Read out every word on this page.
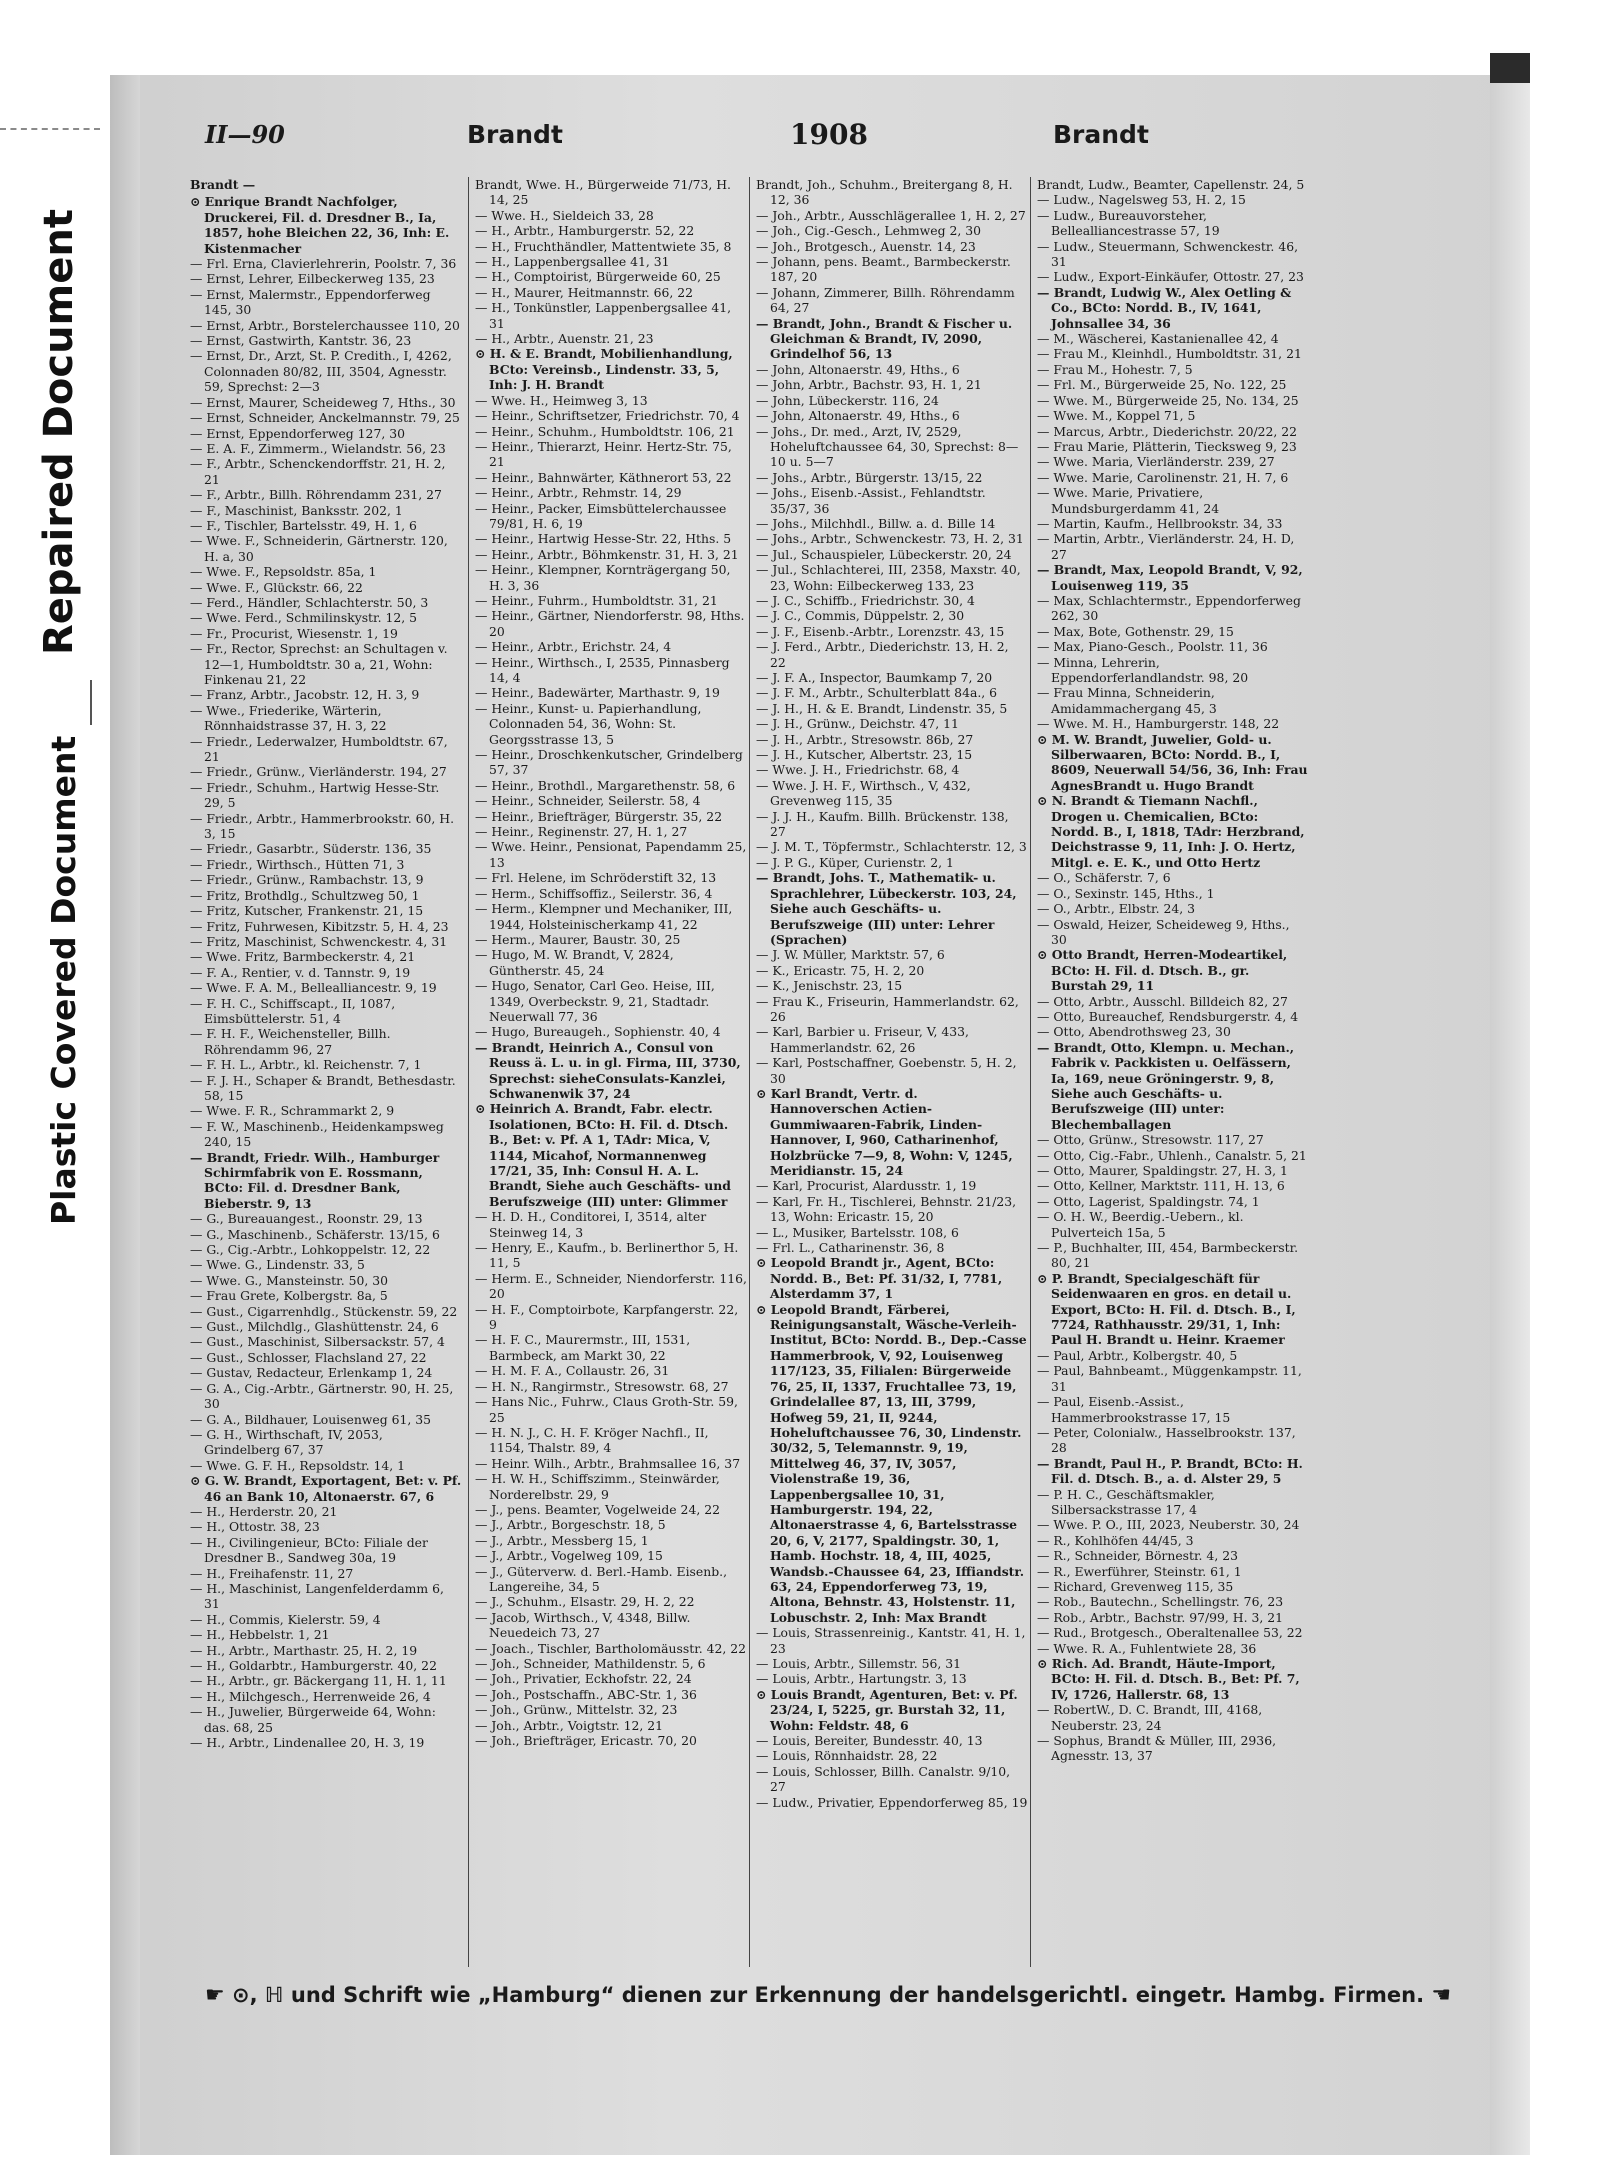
Repaired Document
Plastic Covered Document
II—90	Brandt	1908	Brandt

Brandt —

⊙ Enrique Brandt Nachfolger, Druckerei, Fil. d. Dresdner B., Ia, 1857, hohe Bleichen 22, 36, Inh: E. Kistenmacher

— Frl. Erna, Clavierlehrerin, Poolstr. 7, 36

— Ernst, Lehrer, Eilbeckerweg 135, 23

— Ernst, Malermstr., Eppendorferweg 145, 30

— Ernst, Arbtr., Borstelerchaussee 110, 20

— Ernst, Gastwirth, Kantstr. 36, 23

— Ernst, Dr., Arzt, St. P. Credith., I, 4262, Colonnaden 80/82, III, 3504, Agnesstr. 59, Sprechst: 2—3

— Ernst, Maurer, Scheideweg 7, Hths., 30

— Ernst, Schneider, Anckelmannstr. 79, 25

— Ernst, Eppendorferweg 127, 30

— E. A. F., Zimmerm., Wielandstr. 56, 23

— F., Arbtr., Schenckendorffstr. 21, H. 2, 21

— F., Arbtr., Billh. Röhrendamm 231, 27

— F., Maschinist, Banksstr. 202, 1

— F., Tischler, Bartelsstr. 49, H. 1, 6

— Wwe. F., Schneiderin, Gärtnerstr. 120, H. a, 30

— Wwe. F., Repsoldstr. 85a, 1

— Wwe. F., Glückstr. 66, 22

— Ferd., Händler, Schlachterstr. 50, 3

— Wwe. Ferd., Schmilinskystr. 12, 5

— Fr., Procurist, Wiesenstr. 1, 19

— Fr., Rector, Sprechst: an Schultagen v. 12—1, Humboldtstr. 30 a, 21, Wohn: Finkenau 21, 22

— Franz, Arbtr., Jacobstr. 12, H. 3, 9

— Wwe., Friederike, Wärterin, Rönnhaidstrasse 37, H. 3, 22

— Friedr., Lederwalzer, Humboldtstr. 67, 21

— Friedr., Grünw., Vierländerstr. 194, 27

— Friedr., Schuhm., Hartwig Hesse-Str. 29, 5

— Friedr., Arbtr., Hammerbrookstr. 60, H. 3, 15

— Friedr., Gasarbtr., Süderstr. 136, 35

— Friedr., Wirthsch., Hütten 71, 3

— Friedr., Grünw., Rambachstr. 13, 9

— Fritz, Brothdlg., Schultzweg 50, 1

— Fritz, Kutscher, Frankenstr. 21, 15

— Fritz, Fuhrwesen, Kibitzstr. 5, H. 4, 23

— Fritz, Maschinist, Schwenckestr. 4, 31

— Wwe. Fritz, Barmbeckerstr. 4, 21

— F. A., Rentier, v. d. Tannstr. 9, 19

— Wwe. F. A. M., Bellealliancestr. 9, 19

— F. H. C., Schiffscapt., II, 1087, Eimsbüttelerstr. 51, 4

— F. H. F., Weichensteller, Billh. Röhrendamm 96, 27

— F. H. L., Arbtr., kl. Reichenstr. 7, 1

— F. J. H., Schaper & Brandt, Bethesdastr. 58, 15

— Wwe. F. R., Schrammarkt 2, 9

— F. W., Maschinenb., Heidenkampsweg 240, 15

— Brandt, Friedr. Wilh., Hamburger Schirmfabrik von E. Rossmann, BCto: Fil. d. Dresdner Bank, Bieberstr. 9, 13

— G., Bureauangest., Roonstr. 29, 13

— G., Maschinenb., Schäferstr. 13/15, 6

— G., Cig.-Arbtr., Lohkoppelstr. 12, 22

— Wwe. G., Lindenstr. 33, 5

— Wwe. G., Mansteinstr. 50, 30

— Frau Grete, Kolbergstr. 8a, 5

— Gust., Cigarrenhdlg., Stückenstr. 59, 22

— Gust., Milchdlg., Glashüttenstr. 24, 6

— Gust., Maschinist, Silbersackstr. 57, 4

— Gust., Schlosser, Flachsland 27, 22

— Gustav, Redacteur, Erlenkamp 1, 24

— G. A., Cig.-Arbtr., Gärtnerstr. 90, H. 25, 30

— G. A., Bildhauer, Louisenweg 61, 35

— G. H., Wirthschaft, IV, 2053, Grindelberg 67, 37

— Wwe. G. F. H., Repsoldstr. 14, 1

⊙ G. W. Brandt, Exportagent, Bet: v. Pf. 46 an Bank 10, Altonaerstr. 67, 6

— H., Herderstr. 20, 21

— H., Ottostr. 38, 23

— H., Civilingenieur, BCto: Filiale der Dresdner B., Sandweg 30a, 19

— H., Freihafenstr. 11, 27

— H., Maschinist, Langenfelderdamm 6, 31

— H., Commis, Kielerstr. 59, 4

— H., Hebbelstr. 1, 21

— H., Arbtr., Marthastr. 25, H. 2, 19

— H., Goldarbtr., Hamburgerstr. 40, 22

— H., Arbtr., gr. Bäckergang 11, H. 1, 11

— H., Milchgesch., Herrenweide 26, 4

— H., Juwelier, Bürgerweide 64, Wohn: das. 68, 25

— H., Arbtr., Lindenallee 20, H. 3, 19

Brandt, Wwe. H., Bürgerweide 71/73, H. 14, 25

— Wwe. H., Sieldeich 33, 28

— H., Arbtr., Hamburgerstr. 52, 22

— H., Fruchthändler, Mattentwiete 35, 8

— H., Lappenbergsallee 41, 31

— H., Comptoirist, Bürgerweide 60, 25

— H., Maurer, Heitmannstr. 66, 22

— H., Tonkünstler, Lappenbergsallee 41, 31

— H., Arbtr., Auenstr. 21, 23

⊙ H. & E. Brandt, Mobilienhandlung, BCto: Vereinsb., Lindenstr. 33, 5, Inh: J. H. Brandt

— Wwe. H., Heimweg 3, 13

— Heinr., Schriftsetzer, Friedrichstr. 70, 4

— Heinr., Schuhm., Humboldtstr. 106, 21

— Heinr., Thierarzt, Heinr. Hertz-Str. 75, 21

— Heinr., Bahnwärter, Käthnerort 53, 22

— Heinr., Arbtr., Rehmstr. 14, 29

— Heinr., Packer, Eimsbüttelerchaussee 79/81, H. 6, 19

— Heinr., Hartwig Hesse-Str. 22, Hths. 5

— Heinr., Arbtr., Böhmkenstr. 31, H. 3, 21

— Heinr., Klempner, Kornträgergang 50, H. 3, 36

— Heinr., Fuhrm., Humboldtstr. 31, 21

— Heinr., Gärtner, Niendorferstr. 98, Hths. 20

— Heinr., Arbtr., Erichstr. 24, 4

— Heinr., Wirthsch., I, 2535, Pinnasberg 14, 4

— Heinr., Badewärter, Marthastr. 9, 19

— Heinr., Kunst- u. Papierhandlung, Colonnaden 54, 36, Wohn: St. Georgsstrasse 13, 5

— Heinr., Droschkenkutscher, Grindelberg 57, 37

— Heinr., Brothdl., Margarethenstr. 58, 6

— Heinr., Schneider, Seilerstr. 58, 4

— Heinr., Briefträger, Bürgerstr. 35, 22

— Heinr., Reginenstr. 27, H. 1, 27

— Wwe. Heinr., Pensionat, Papendamm 25, 13

— Frl. Helene, im Schröderstift 32, 13

— Herm., Schiffsoffiz., Seilerstr. 36, 4

— Herm., Klempner und Mechaniker, III, 1944, Holsteinischerkamp 41, 22

— Herm., Maurer, Baustr. 30, 25

— Hugo, M. W. Brandt, V, 2824, Güntherstr. 45, 24

— Hugo, Senator, Carl Geo. Heise, III, 1349, Overbeckstr. 9, 21, Stadtadr. Neuerwall 77, 36

— Hugo, Bureaugeh., Sophienstr. 40, 4

— Brandt, Heinrich A., Consul von Reuss ä. L. u. in gl. Firma, III, 3730, Sprechst: sieheConsulats-Kanzlei, Schwanenwik 37, 24

⊙ Heinrich A. Brandt, Fabr. electr. Isolationen, BCto: H. Fil. d. Dtsch. B., Bet: v. Pf. A 1, TAdr: Mica, V, 1144, Micahof, Normannenweg 17/21, 35, Inh: Consul H. A. L. Brandt, Siehe auch Geschäfts- und Berufszweige (III) unter: Glimmer

— H. D. H., Conditorei, I, 3514, alter Steinweg 14, 3

— Henry, E., Kaufm., b. Berlinerthor 5, H. 11, 5

— Herm. E., Schneider, Niendorferstr. 116, 20

— H. F., Comptoirbote, Karpfangerstr. 22, 9

— H. F. C., Maurermstr., III, 1531, Barmbeck, am Markt 30, 22

— H. M. F. A., Collaustr. 26, 31

— H. N., Rangirmstr., Stresowstr. 68, 27

— Hans Nic., Fuhrw., Claus Groth-Str. 59, 25

— H. N. J., C. H. F. Kröger Nachfl., II, 1154, Thalstr. 89, 4

— Heinr. Wilh., Arbtr., Brahmsallee 16, 37

— H. W. H., Schiffszimm., Steinwärder, Norderelbstr. 29, 9

— J., pens. Beamter, Vogelweide 24, 22

— J., Arbtr., Borgeschstr. 18, 5

— J., Arbtr., Messberg 15, 1

— J., Arbtr., Vogelweg 109, 15

— J., Güterverw. d. Berl.-Hamb. Eisenb., Langereihe, 34, 5

— J., Schuhm., Elsastr. 29, H. 2, 22

— Jacob, Wirthsch., V, 4348, Billw. Neuedeich 73, 27

— Joach., Tischler, Bartholomäusstr. 42, 22

— Joh., Schneider, Mathildenstr. 5, 6

— Joh., Privatier, Eckhofstr. 22, 24

— Joh., Postschaffn., ABC-Str. 1, 36

— Joh., Grünw., Mittelstr. 32, 23

— Joh., Arbtr., Voigtstr. 12, 21

— Joh., Briefträger, Ericastr. 70, 20

Brandt, Joh., Schuhm., Breitergang 8, H. 12, 36

— Joh., Arbtr., Ausschlägerallee 1, H. 2, 27

— Joh., Cig.-Gesch., Lehmweg 2, 30

— Joh., Brotgesch., Auenstr. 14, 23

— Johann, pens. Beamt., Barmbeckerstr. 187, 20

— Johann, Zimmerer, Billh. Röhrendamm 64, 27

— Brandt, John., Brandt & Fischer u. Gleichman & Brandt, IV, 2090, Grindelhof 56, 13

— John, Altonaerstr. 49, Hths., 6

— John, Arbtr., Bachstr. 93, H. 1, 21

— John, Lübeckerstr. 116, 24

— John, Altonaerstr. 49, Hths., 6

— Johs., Dr. med., Arzt, IV, 2529, Hoheluftchaussee 64, 30, Sprechst: 8—10 u. 5—7

— Johs., Arbtr., Bürgerstr. 13/15, 22

— Johs., Eisenb.-Assist., Fehlandtstr. 35/37, 36

— Johs., Milchhdl., Billw. a. d. Bille 14

— Johs., Arbtr., Schwenckestr. 73, H. 2, 31

— Jul., Schauspieler, Lübeckerstr. 20, 24

— Jul., Schlachterei, III, 2358, Maxstr. 40, 23, Wohn: Eilbeckerweg 133, 23

— J. C., Schiffb., Friedrichstr. 30, 4

— J. C., Commis, Düppelstr. 2, 30

— J. F., Eisenb.-Arbtr., Lorenzstr. 43, 15

— J. Ferd., Arbtr., Diederichstr. 13, H. 2, 22

— J. F. A., Inspector, Baumkamp 7, 20

— J. F. M., Arbtr., Schulterblatt 84a., 6

— J. H., H. & E. Brandt, Lindenstr. 35, 5

— J. H., Grünw., Deichstr. 47, 11

— J. H., Arbtr., Stresowstr. 86b, 27

— J. H., Kutscher, Albertstr. 23, 15

— Wwe. J. H., Friedrichstr. 68, 4

— Wwe. J. H. F., Wirthsch., V, 432, Grevenweg 115, 35

— J. J. H., Kaufm. Billh. Brückenstr. 138, 27

— J. M. T., Töpfermstr., Schlachterstr. 12, 3

— J. P. G., Küper, Curienstr. 2, 1

— Brandt, Johs. T., Mathematik- u. Sprachlehrer, Lübeckerstr. 103, 24, Siehe auch Geschäfts- u. Berufszweige (III) unter: Lehrer (Sprachen)

— J. W. Müller, Marktstr. 57, 6

— K., Ericastr. 75, H. 2, 20

— K., Jenischstr. 23, 15

— Frau K., Friseurin, Hammerlandstr. 62, 26

— Karl, Barbier u. Friseur, V, 433, Hammerlandstr. 62, 26

— Karl, Postschaffner, Goebenstr. 5, H. 2, 30

⊙ Karl Brandt, Vertr. d. Hannoverschen Actien-Gummiwaaren-Fabrik, Linden-Hannover, I, 960, Catharinenhof, Holzbrücke 7—9, 8, Wohn: V, 1245, Meridianstr. 15, 24

— Karl, Procurist, Alardusstr. 1, 19

— Karl, Fr. H., Tischlerei, Behnstr. 21/23, 13, Wohn: Ericastr. 15, 20

— L., Musiker, Bartelsstr. 108, 6

— Frl. L., Catharinenstr. 36, 8

⊙ Leopold Brandt jr., Agent, BCto: Nordd. B., Bet: Pf. 31/32, I, 7781, Alsterdamm 37, 1

⊙ Leopold Brandt, Färberei, Reinigungsanstalt, Wäsche-Verleih-Institut, BCto: Nordd. B., Dep.-Casse Hammerbrook, V, 92, Louisenweg 117/123, 35, Filialen: Bürgerweide 76, 25, II, 1337, Fruchtallee 73, 19, Grindelallee 87, 13, III, 3799, Hofweg 59, 21, II, 9244, Hoheluftchaussee 76, 30, Lindenstr. 30/32, 5, Telemannstr. 9, 19, Mittelweg 46, 37, IV, 3057, Violenstraße 19, 36, Lappenbergsallee 10, 31, Hamburgerstr. 194, 22, Altonaerstrasse 4, 6, Bartelsstrasse 20, 6, V, 2177, Spaldingstr. 30, 1, Hamb. Hochstr. 18, 4, III, 4025, Wandsb.-Chaussee 64, 23, Iffiandstr. 63, 24, Eppendorferweg 73, 19, Altona, Behnstr. 43, Holstenstr. 11, Lobuschstr. 2, Inh: Max Brandt

— Louis, Strassenreinig., Kantstr. 41, H. 1, 23

— Louis, Arbtr., Sillemstr. 56, 31

— Louis, Arbtr., Hartungstr. 3, 13

⊙ Louis Brandt, Agenturen, Bet: v. Pf. 23/24, I, 5225, gr. Burstah 32, 11, Wohn: Feldstr. 48, 6

— Louis, Bereiter, Bundesstr. 40, 13

— Louis, Rönnhaidstr. 28, 22

— Louis, Schlosser, Billh. Canalstr. 9/10, 27

— Ludw., Privatier, Eppendorferweg 85, 19

Brandt, Ludw., Beamter, Capellenstr. 24, 5

— Ludw., Nagelsweg 53, H. 2, 15

— Ludw., Bureauvorsteher, Bellealliancestrasse 57, 19

— Ludw., Steuermann, Schwenckestr. 46, 31

— Ludw., Export-Einkäufer, Ottostr. 27, 23

— Brandt, Ludwig W., Alex Oetling & Co., BCto: Nordd. B., IV, 1641, Johnsallee 34, 36

— M., Wäscherei, Kastanienallee 42, 4

— Frau M., Kleinhdl., Humboldtstr. 31, 21

— Frau M., Hohestr. 7, 5

— Frl. M., Bürgerweide 25, No. 122, 25

— Wwe. M., Bürgerweide 25, No. 134, 25

— Wwe. M., Koppel 71, 5

— Marcus, Arbtr., Diederichstr. 20/22, 22

— Frau Marie, Plätterin, Tiecksweg 9, 23

— Wwe. Maria, Vierländerstr. 239, 27

— Wwe. Marie, Carolinenstr. 21, H. 7, 6

— Wwe. Marie, Privatiere, Mundsburgerdamm 41, 24

— Martin, Kaufm., Hellbrookstr. 34, 33

— Martin, Arbtr., Vierländerstr. 24, H. D, 27

— Brandt, Max, Leopold Brandt, V, 92, Louisenweg 119, 35

— Max, Schlachtermstr., Eppendorferweg 262, 30

— Max, Bote, Gothenstr. 29, 15

— Max, Piano-Gesch., Poolstr. 11, 36

— Minna, Lehrerin, Eppendorferlandlandstr. 98, 20

— Frau Minna, Schneiderin, Amidammachergang 45, 3

— Wwe. M. H., Hamburgerstr. 148, 22

⊙ M. W. Brandt, Juwelier, Gold- u. Silberwaaren, BCto: Nordd. B., I, 8609, Neuerwall 54/56, 36, Inh: Frau AgnesBrandt u. Hugo Brandt

⊙ N. Brandt & Tiemann Nachfl., Drogen u. Chemicalien, BCto: Nordd. B., I, 1818, TAdr: Herzbrand, Deichstrasse 9, 11, Inh: J. O. Hertz, Mitgl. e. E. K., und Otto Hertz

— O., Schäferstr. 7, 6

— O., Sexinstr. 145, Hths., 1

— O., Arbtr., Elbstr. 24, 3

— Oswald, Heizer, Scheideweg 9, Hths., 30

⊙ Otto Brandt, Herren-Modeartikel, BCto: H. Fil. d. Dtsch. B., gr. Burstah 29, 11

— Otto, Arbtr., Ausschl. Billdeich 82, 27

— Otto, Bureauchef, Rendsburgerstr. 4, 4

— Otto, Abendrothsweg 23, 30

— Brandt, Otto, Klempn. u. Mechan., Fabrik v. Packkisten u. Oelfässern, Ia, 169, neue Gröningerstr. 9, 8, Siehe auch Geschäfts- u. Berufszweige (III) unter: Blechemballagen

— Otto, Grünw., Stresowstr. 117, 27

— Otto, Cig.-Fabr., Uhlenh., Canalstr. 5, 21

— Otto, Maurer, Spaldingstr. 27, H. 3, 1

— Otto, Kellner, Marktstr. 111, H. 13, 6

— Otto, Lagerist, Spaldingstr. 74, 1

— O. H. W., Beerdig.-Uebern., kl. Pulverteich 15a, 5

— P., Buchhalter, III, 454, Barmbeckerstr. 80, 21

⊙ P. Brandt, Specialgeschäft für Seidenwaaren en gros. en detail u. Export, BCto: H. Fil. d. Dtsch. B., I, 7724, Rathhausstr. 29/31, 1, Inh: Paul H. Brandt u. Heinr. Kraemer

— Paul, Arbtr., Kolbergstr. 40, 5

— Paul, Bahnbeamt., Müggenkampstr. 11, 31

— Paul, Eisenb.-Assist., Hammerbrookstrasse 17, 15

— Peter, Colonialw., Hasselbrookstr. 137, 28

— Brandt, Paul H., P. Brandt, BCto: H. Fil. d. Dtsch. B., a. d. Alster 29, 5

— P. H. C., Geschäftsmakler, Silbersackstrasse 17, 4

— Wwe. P. O., III, 2023, Neuberstr. 30, 24

— R., Kohlhöfen 44/45, 3

— R., Schneider, Börnestr. 4, 23

— R., Ewerführer, Steinstr. 61, 1

— Richard, Grevenweg 115, 35

— Rob., Bautechn., Schellingstr. 76, 23

— Rob., Arbtr., Bachstr. 97/99, H. 3, 21

— Rud., Brotgesch., Oberaltenallee 53, 22

— Wwe. R. A., Fuhlentwiete 28, 36

⊙ Rich. Ad. Brandt, Häute-Import, BCto: H. Fil. d. Dtsch. B., Bet: Pf. 7, IV, 1726, Hallerstr. 68, 13

— RobertW., D. C. Brandt, III, 4168, Neuberstr. 23, 24

— Sophus, Brandt & Müller, III, 2936, Agnesstr. 13, 37

☛ ⊙, ℍ und Schrift wie „Hamburg“ dienen zur Erkennung der handelsgerichtl. eingetr. Hambg. Firmen. ☚
